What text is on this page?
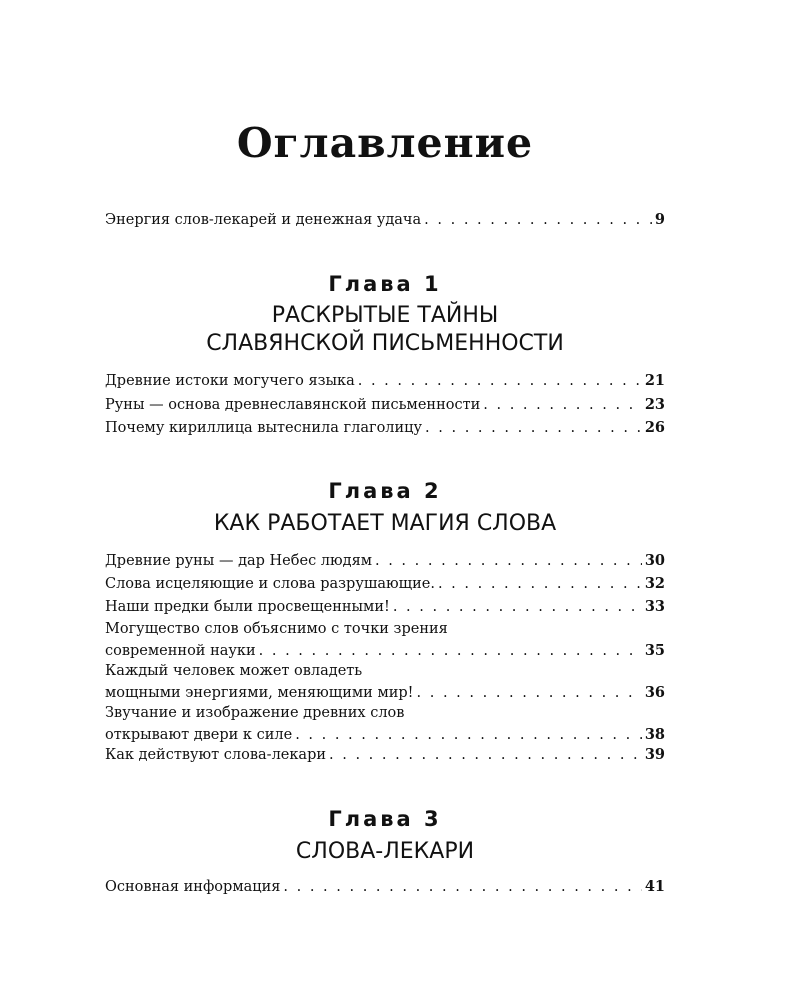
Оглавление
Энергия слов-лекарей и денежная удача . . .	9
Глава 1
РАСКРЫТЫЕ ТАЙНЫ
СЛАВЯНСКОЙ ПИСЬМЕННОСТИ
Древние истоки могучего языка . . .	21
Руны — основа древнеславянской письменности . . .	23
Почему кириллица вытеснила глаголицу . . .	26
Глава 2
КАК РАБОТАЕТ МАГИЯ СЛОВА
Древние руны — дар Небес людям . . .	30
Слова исцеляющие и слова разрушающие. . . .	32
Наши предки были просвещенными! . . .	33
Могущество слов объяснимо с точки зрения
современной науки . . .	35
Каждый человек может овладеть
мощными энергиями, меняющими мир! . . .	36
Звучание и изображение древних слов
открывают двери к силе . . .	38
Как действуют слова-лекари . . .	39
Глава 3
СЛОВА-ЛЕКАРИ
Основная информация . . .	41
